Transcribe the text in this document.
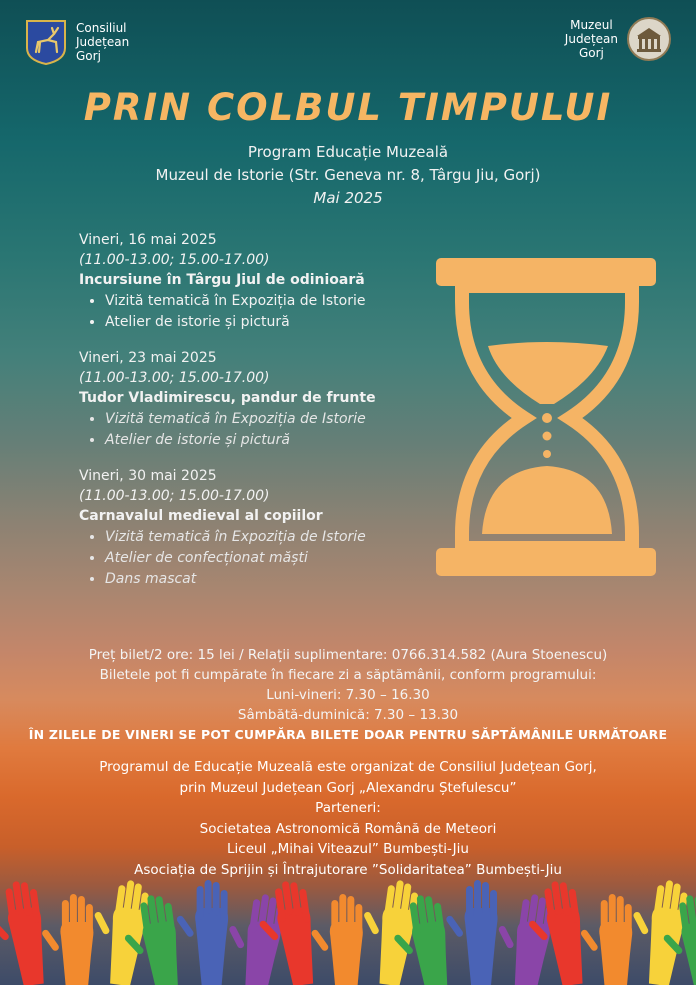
Consiliul
Județean
Gorj
Muzeul
Județean
Gorj
PRIN COLBUL TIMPULUI
Program Educație Muzeală
Muzeul de Istorie (Str. Geneva nr. 8, Târgu Jiu, Gorj)
Mai 2025
Vineri, 16 mai 2025
(11.00-13.00; 15.00-17.00)
Incursiune în Târgu Jiul de odinioară
• Vizită tematică în Expoziția de Istorie
• Atelier de istorie și pictură
Vineri, 23 mai 2025
(11.00-13.00; 15.00-17.00)
Tudor Vladimirescu, pandur de frunte
• Vizită tematică în Expoziția de Istorie
• Atelier de istorie și pictură
Vineri, 30 mai 2025
(11.00-13.00; 15.00-17.00)
Carnavalul medieval al copiilor
• Vizită tematică în Expoziția de Istorie
• Atelier de confecționat măști
• Dans mascat
Preț bilet/2 ore: 15 lei / Relații suplimentare: 0766.314.582 (Aura Stoenescu)
Biletele pot fi cumpărate în fiecare zi a săptămânii, conform programului:
Luni-vineri: 7.30 – 16.30
Sâmbătă-duminică: 7.30 – 13.30
ÎN ZILELE DE VINERI SE POT CUMPĂRA BILETE DOAR PENTRU SĂPTĂMÂNILE URMĂTOARE
Programul de Educație Muzeală este organizat de Consiliul Județean Gorj,
prin Muzeul Județean Gorj „Alexandru Ștefulescu”
Parteneri:
Societatea Astronomică Română de Meteori
Liceul „Mihai Viteazul” Bumbești-Jiu
Asociația de Sprijin și Întrajutorare ”Solidaritatea” Bumbești-Jiu
